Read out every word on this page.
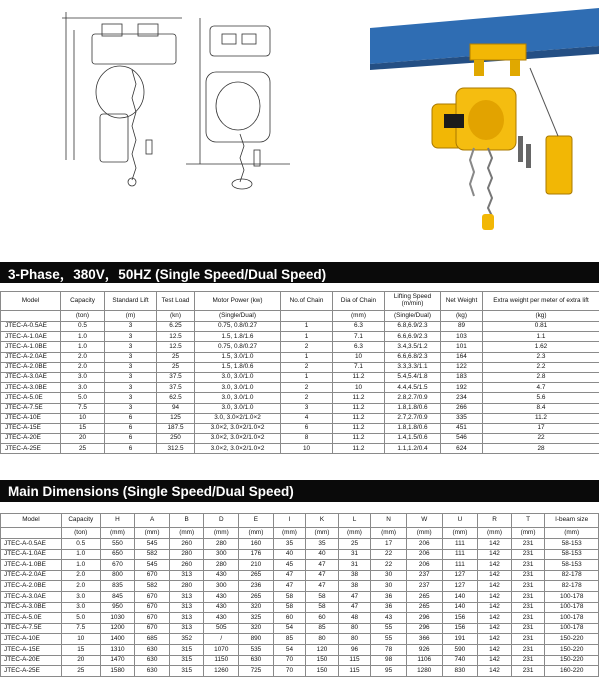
3-Phase，380V，50HZ (Single Speed/Dual Speed)
Model	Capacity	Standard Lift	Test Load	Motor Power (kw)	No.of Chain	Dia of Chain	Lifting Speed (m/min)	Net Weight	Extra weight per meter of extra lift
	(ton)	(m)	(kn)	(Single/Dual)		(mm)	(Single/Dual)	(kg)	(kg)
JTEC-A-0.5AE	0.5	3	6.25	0.75, 0.8/0.27	1	6.3	6.8,6.9/2.3	89	0.81
JTEC-A-1.0AE	1.0	3	12.5	1.5, 1.8/1.6	1	7.1	6.6,6.9/2.3	103	1.1
JTEC-A-1.0BE	1.0	3	12.5	0.75, 0.8/0.27	2	6.3	3.4,3.5/1.2	101	1.62
JTEC-A-2.0AE	2.0	3	25	1.5, 3.0/1.0	1	10	6.6,6.8/2.3	164	2.3
JTEC-A-2.0BE	2.0	3	25	1.5, 1.8/0.6	2	7.1	3.3,3.3/1.1	122	2.2
JTEC-A-3.0AE	3.0	3	37.5	3.0, 3.0/1.0	1	11.2	5.4,5.4/1.8	183	2.8
JTEC-A-3.0BE	3.0	3	37.5	3.0, 3.0/1.0	2	10	4.4,4.5/1.5	192	4.7
JTEC-A-5.0E	5.0	3	62.5	3.0, 3.0/1.0	2	11.2	2.8,2.7/0.9	234	5.6
JTEC-A-7.5E	7.5	3	94	3.0, 3.0/1.0	3	11.2	1.8,1.8/0.6	266	8.4
JTEC-A-10E	10	6	125	3.0, 3.0×2/1.0×2	4	11.2	2.7,2.7/0.9	335	11.2
JTEC-A-15E	15	6	187.5	3.0×2, 3.0×2/1.0×2	6	11.2	1.8,1.8/0.6	451	17
JTEC-A-20E	20	6	250	3.0×2, 3.0×2/1.0×2	8	11.2	1.4,1.5/0.6	546	22
JTEC-A-25E	25	6	312.5	3.0×2, 3.0×2/1.0×2	10	11.2	1.1,1.2/0.4	624	28
Main Dimensions (Single Speed/Dual Speed)
Model	Capacity	H	A	B	D	E	I	K	L	N	W	U	R	T	I-beam size
	(ton)	(mm)	(mm)	(mm)	(mm)	(mm)	(mm)	(mm)	(mm)	(mm)	(mm)	(mm)	(mm)	(mm)	(mm)
JTEC-A-0.5AE	0.5	550	545	260	280	160	35	35	25	17	206	111	142	231	58-153
JTEC-A-1.0AE	1.0	650	582	280	300	176	40	40	31	22	206	111	142	231	58-153
JTEC-A-1.0BE	1.0	670	545	260	280	210	45	47	31	22	206	111	142	231	58-153
JTEC-A-2.0AE	2.0	800	670	313	430	265	47	47	38	30	237	127	142	231	82-178
JTEC-A-2.0BE	2.0	835	582	280	300	236	47	47	38	30	237	127	142	231	82-178
JTEC-A-3.0AE	3.0	845	670	313	430	265	58	58	47	36	265	140	142	231	100-178
JTEC-A-3.0BE	3.0	950	670	313	430	320	58	58	47	36	265	140	142	231	100-178
JTEC-A-5.0E	5.0	1030	670	313	430	325	60	60	48	43	296	156	142	231	100-178
JTEC-A-7.5E	7.5	1200	670	313	505	320	54	85	80	55	296	156	142	231	100-178
JTEC-A-10E	10	1400	685	352	/	890	85	80	80	55	366	191	142	231	150-220
JTEC-A-15E	15	1310	630	315	1070	535	54	120	96	78	926	590	142	231	150-220
JTEC-A-20E	20	1470	630	315	1150	630	70	150	115	98	1106	740	142	231	150-220
JTEC-A-25E	25	1580	630	315	1260	725	70	150	115	95	1280	830	142	231	160-220
